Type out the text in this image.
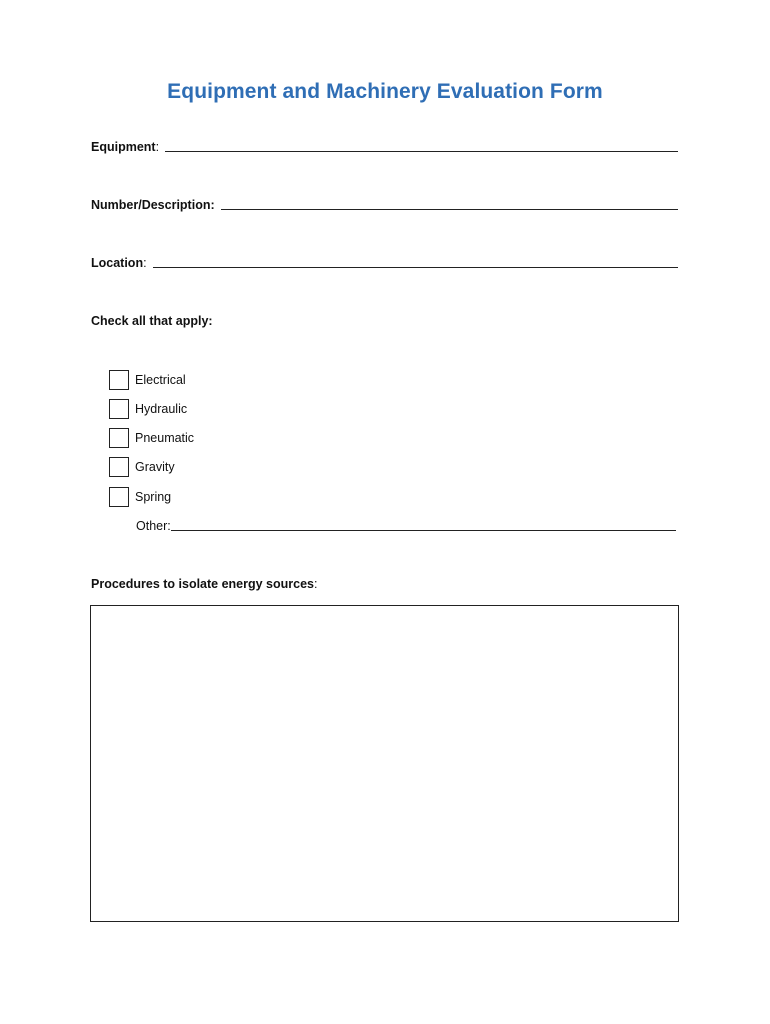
Equipment and Machinery Evaluation Form
Equipment :
Number/Description:
Location :
Check all that apply:
Electrical
Hydraulic
Pneumatic
Gravity
Spring
Other:
Procedures to isolate energy sources:
